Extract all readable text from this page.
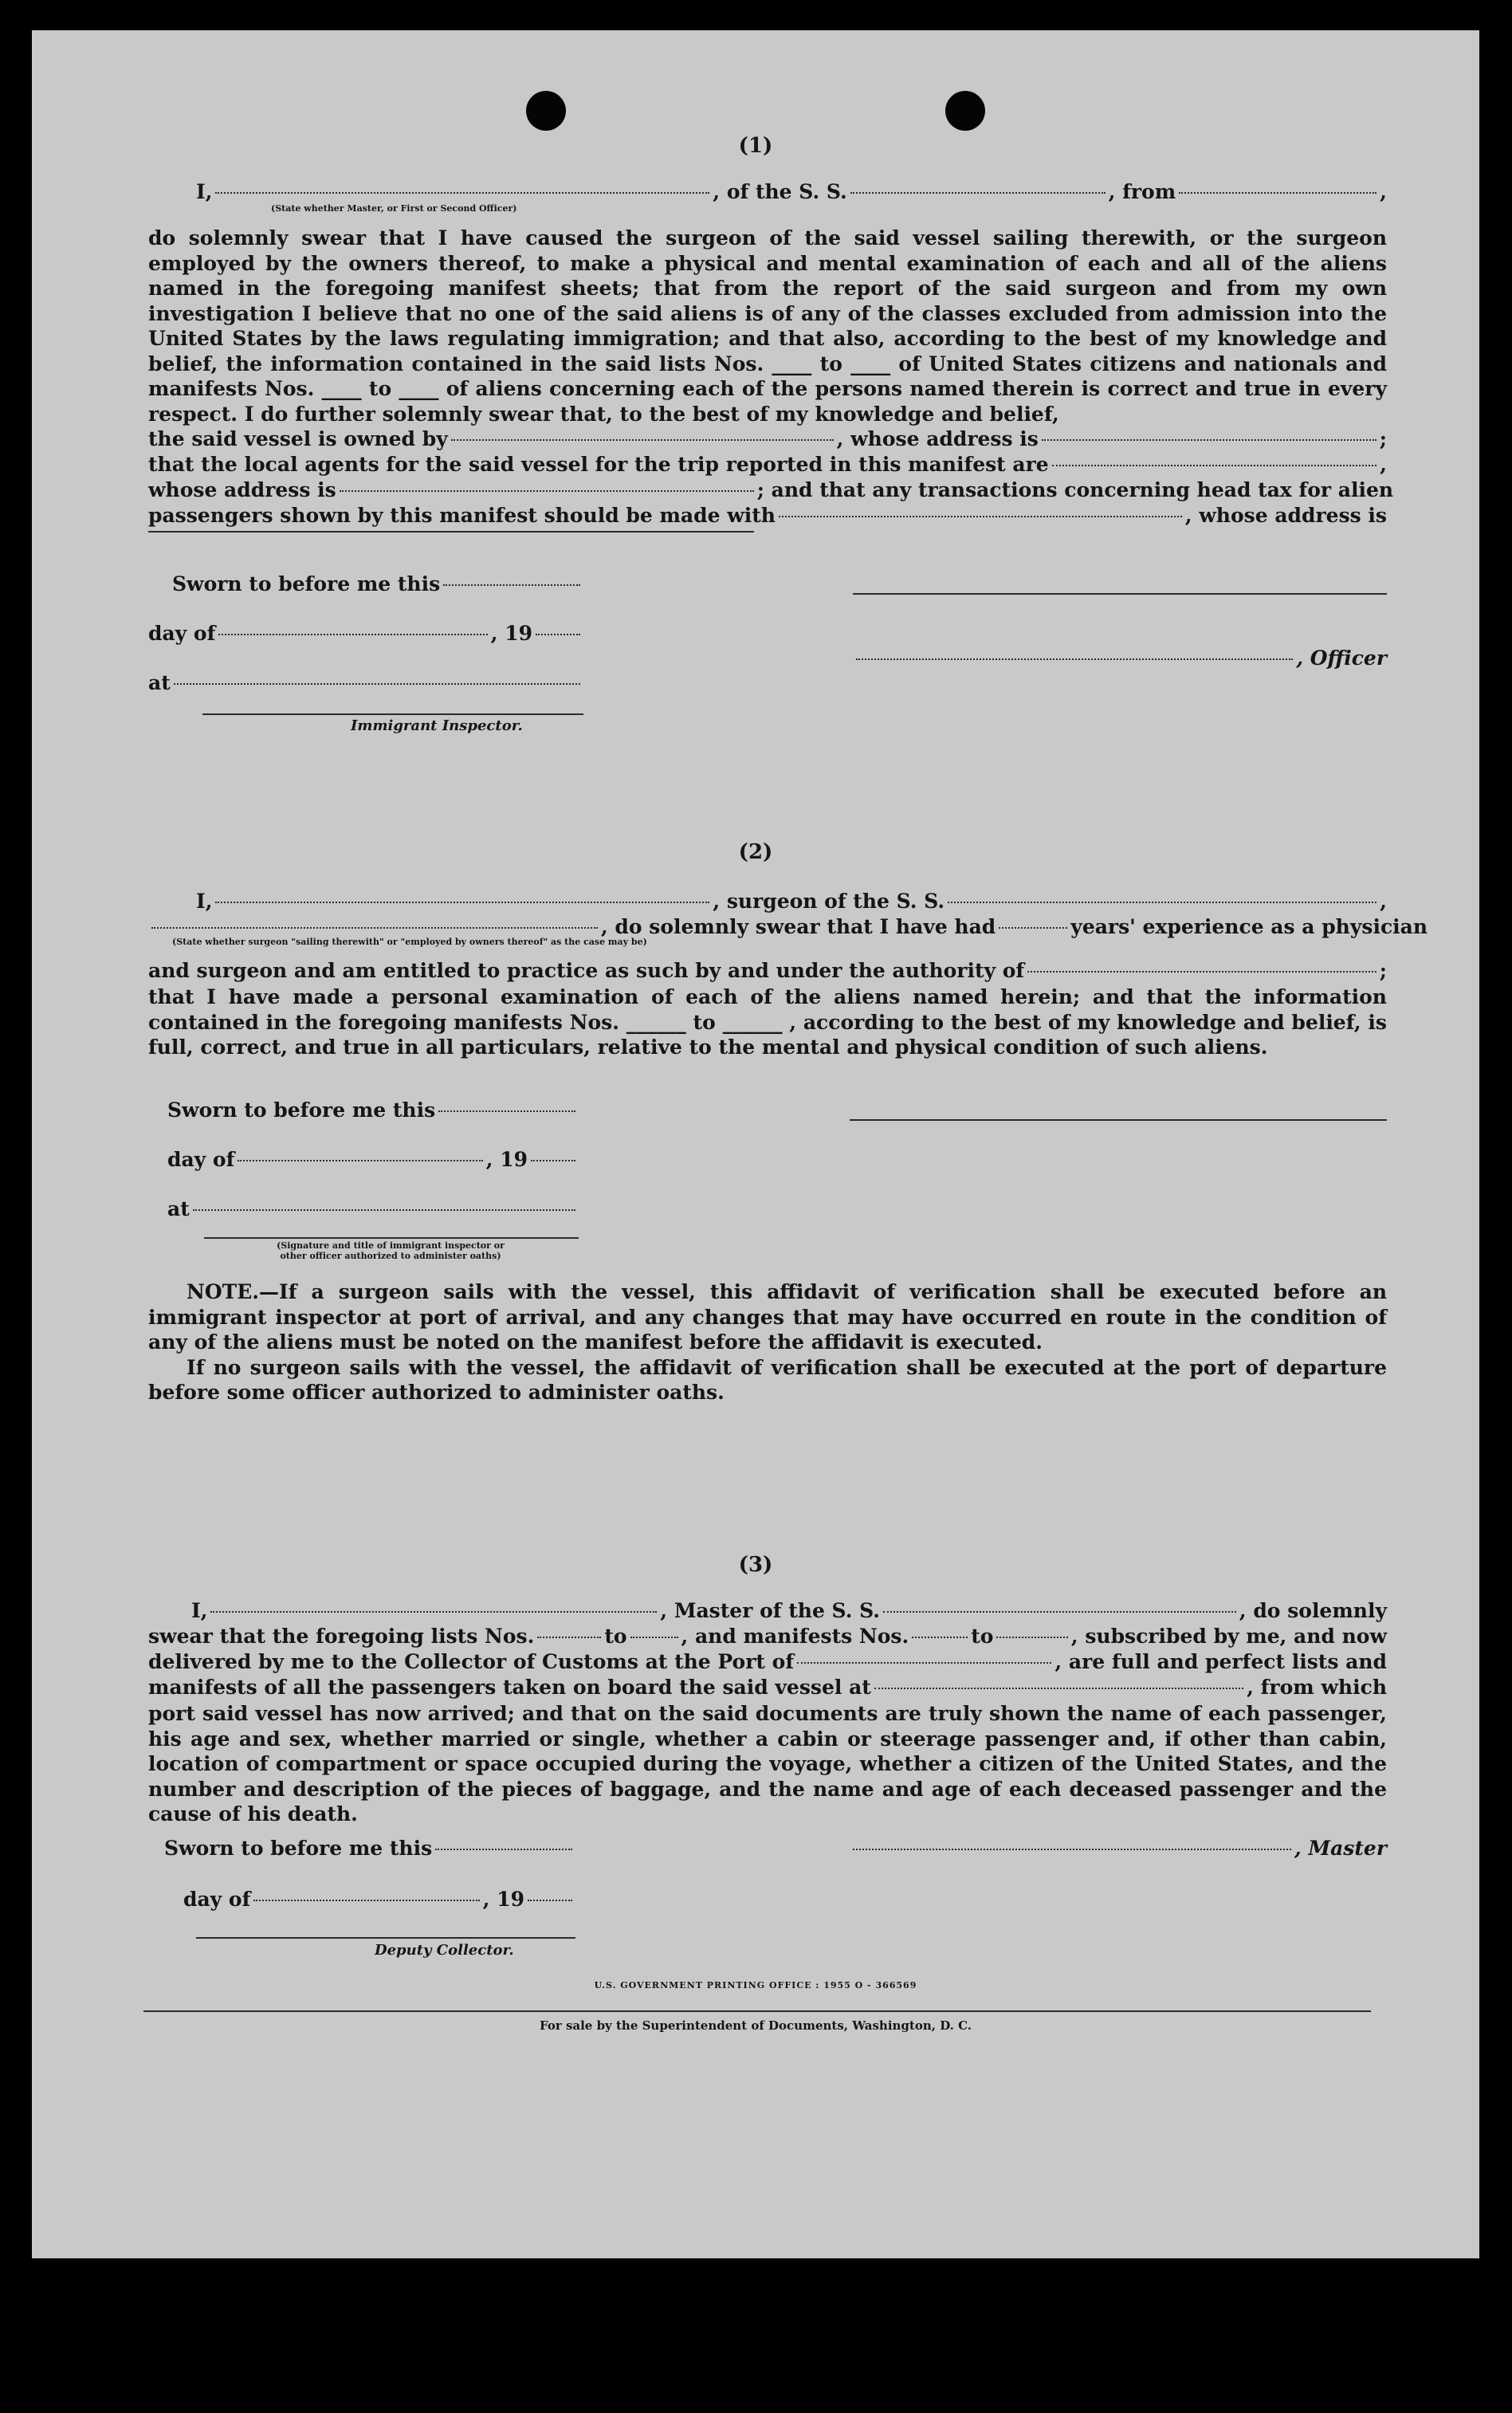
(1)
I,	, of the S. S.	, from	,
(State whether Master, or First or Second Officer)
do solemnly swear that I have caused the surgeon of the said vessel sailing therewith, or the surgeon employed by the owners thereof, to make a physical and mental examination of each and all of the aliens named in the foregoing manifest sheets; that from the report of the said surgeon and from my own investigation I believe that no one of the said aliens is of any of the classes excluded from admission into the United States by the laws regulating immigration; and that also, according to the best of my knowledge and belief, the information contained in the said lists Nos. ____ to ____ of United States citizens and nationals and manifests Nos. ____ to ____ of aliens concerning each of the persons named therein is correct and true in every respect. I do further solemnly swear that, to the best of my knowledge and belief,
the said vessel is owned by	, whose address is	;
that the local agents for the said vessel for the trip reported in this manifest are	,
whose address is	; and that any transactions concerning head tax for alien
passengers shown by this manifest should be made with	, whose address is
Sworn to before me this
day of	, 19
, Officer
at
Immigrant Inspector.
(2)
I,	, surgeon of the S. S.	,
, do solemnly swear that I have had	years' experience as a physician
(State whether surgeon "sailing therewith" or "employed by owners thereof" as the case may be)
and surgeon and am entitled to practice as such by and under the authority of	;
that I have made a personal examination of each of the aliens named herein; and that the information contained in the foregoing manifests Nos. ______ to ______ , according to the best of my knowledge and belief, is full, correct, and true in all particulars, relative to the mental and physical condition of such aliens.
Sworn to before me this
day of	, 19
at
(Signature and title of immigrant inspector or
other officer authorized to administer oaths)

NOTE.—If a surgeon sails with the vessel, this affidavit of verification shall be executed before an immigrant inspector at port of arrival, and any changes that may have occurred en route in the condition of any of the aliens must be noted on the manifest before the affidavit is executed.

If no surgeon sails with the vessel, the affidavit of verification shall be executed at the port of departure before some officer authorized to administer oaths.

(3)
I,	, Master of the S. S.	, do solemnly
swear that the foregoing lists Nos.	to	, and manifests Nos.	to	, subscribed by me, and now
delivered by me to the Collector of Customs at the Port of	, are full and perfect lists and
manifests of all the passengers taken on board the said vessel at	, from which
port said vessel has now arrived; and that on the said documents are truly shown the name of each passenger, his age and sex, whether married or single, whether a cabin or steerage passenger and, if other than cabin, location of compartment or space occupied during the voyage, whether a citizen of the United States, and the number and description of the pieces of baggage, and the name and age of each deceased passenger and the cause of his death.
Sworn to before me this	, Master
day of	, 19
Deputy Collector.
U.S. GOVERNMENT PRINTING OFFICE : 1955 O - 366569
For sale by the Superintendent of Documents, Washington, D. C.
